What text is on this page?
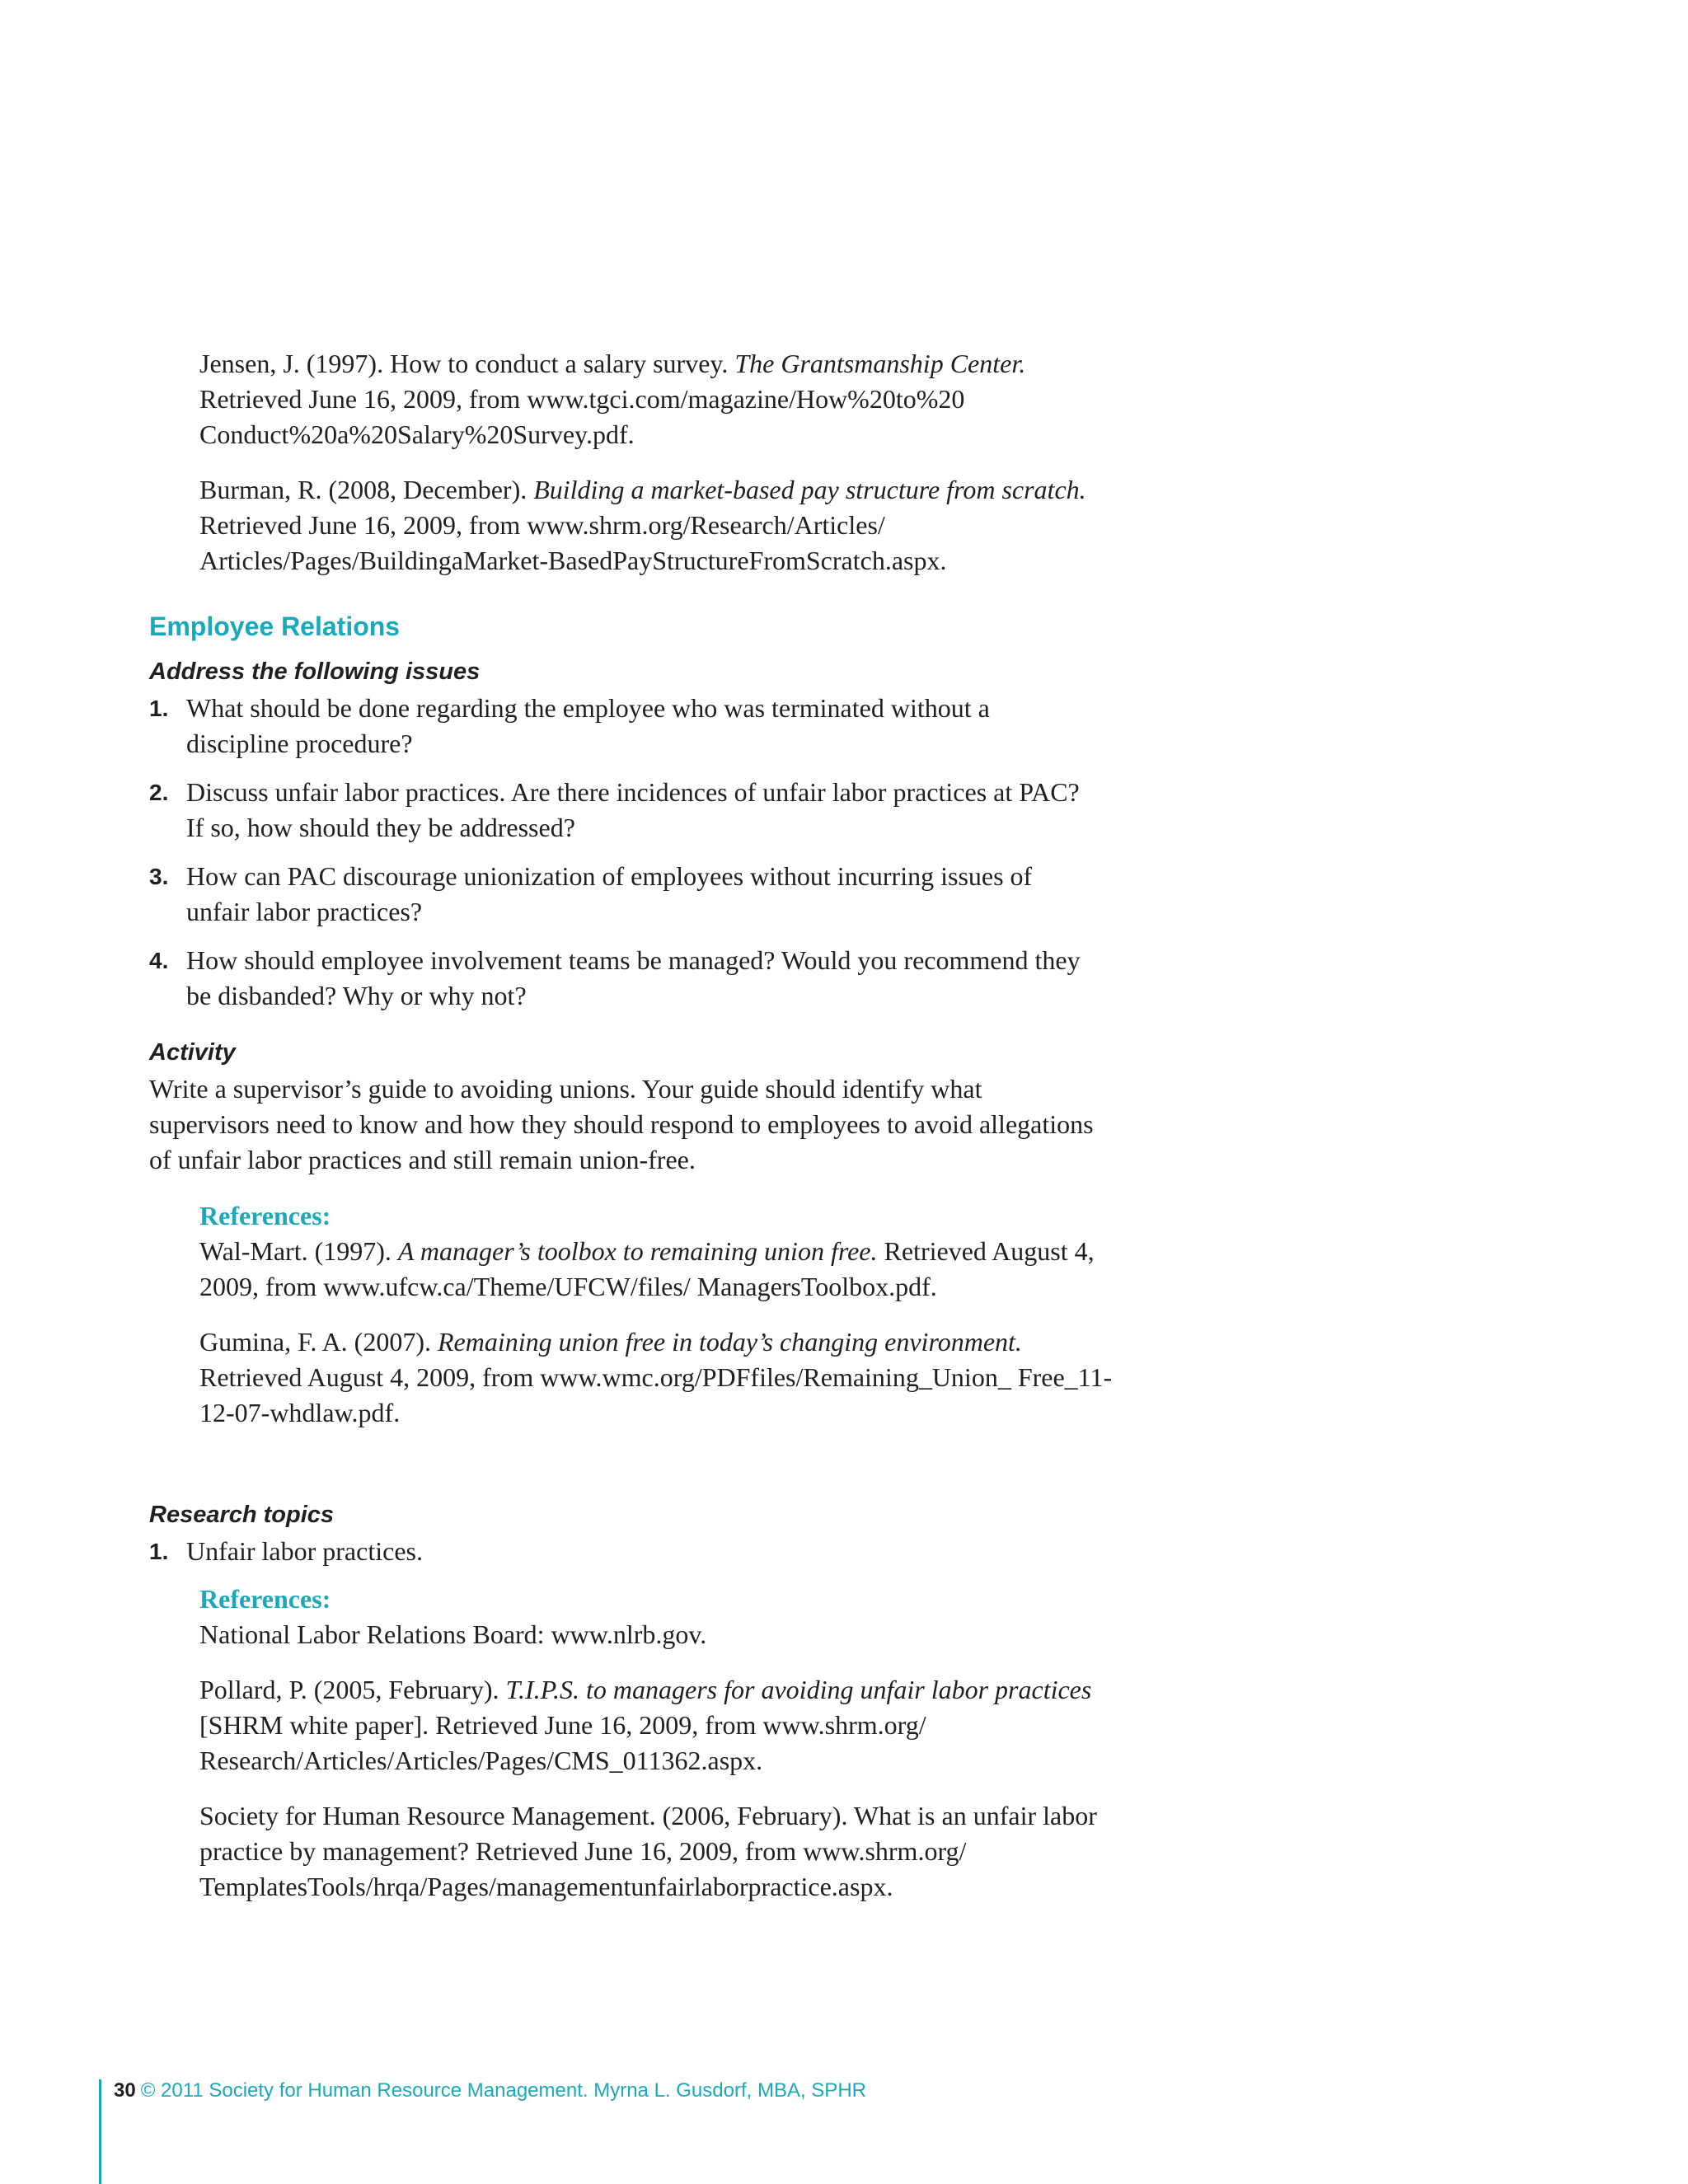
Jensen, J. (1997). How to conduct a salary survey. The Grantsmanship Center. Retrieved June 16, 2009, from www.tgci.com/magazine/How%20to%20 Conduct%20a%20Salary%20Survey.pdf.

Burman, R. (2008, December). Building a market-based pay structure from scratch. Retrieved June 16, 2009, from www.shrm.org/Research/Articles/ Articles/Pages/BuildingaMarket-BasedPayStructureFromScratch.aspx.

Employee Relations
Address the following issues
1. What should be done regarding the employee who was terminated without a discipline procedure?
2. Discuss unfair labor practices. Are there incidences of unfair labor practices at PAC? If so, how should they be addressed?
3. How can PAC discourage unionization of employees without incurring issues of unfair labor practices?
4. How should employee involvement teams be managed? Would you recommend they be disbanded? Why or why not?
Activity

Write a supervisor’s guide to avoiding unions. Your guide should identify what supervisors need to know and how they should respond to employees to avoid allegations of unfair labor practices and still remain union-free.

References:

Wal-Mart. (1997). A manager’s toolbox to remaining union free. Retrieved August 4, 2009, from www.ufcw.ca/Theme/UFCW/files/ ManagersToolbox.pdf.

Gumina, F. A. (2007). Remaining union free in today’s changing environment. Retrieved August 4, 2009, from www.wmc.org/PDFfiles/Remaining_Union_ Free_11-12-07-whdlaw.pdf.

Research topics
1. Unfair labor practices.

References:

National Labor Relations Board: www.nlrb.gov.

Pollard, P. (2005, February). T.I.P.S. to managers for avoiding unfair labor practices [SHRM white paper]. Retrieved June 16, 2009, from www.shrm.org/ Research/Articles/Articles/Pages/CMS_011362.aspx.

Society for Human Resource Management. (2006, February). What is an unfair labor practice by management? Retrieved June 16, 2009, from www.shrm.org/ TemplatesTools/hrqa/Pages/managementunfairlaborpractice.aspx.

30 © 2011 Society for Human Resource Management. Myrna L. Gusdorf, MBA, SPHR
